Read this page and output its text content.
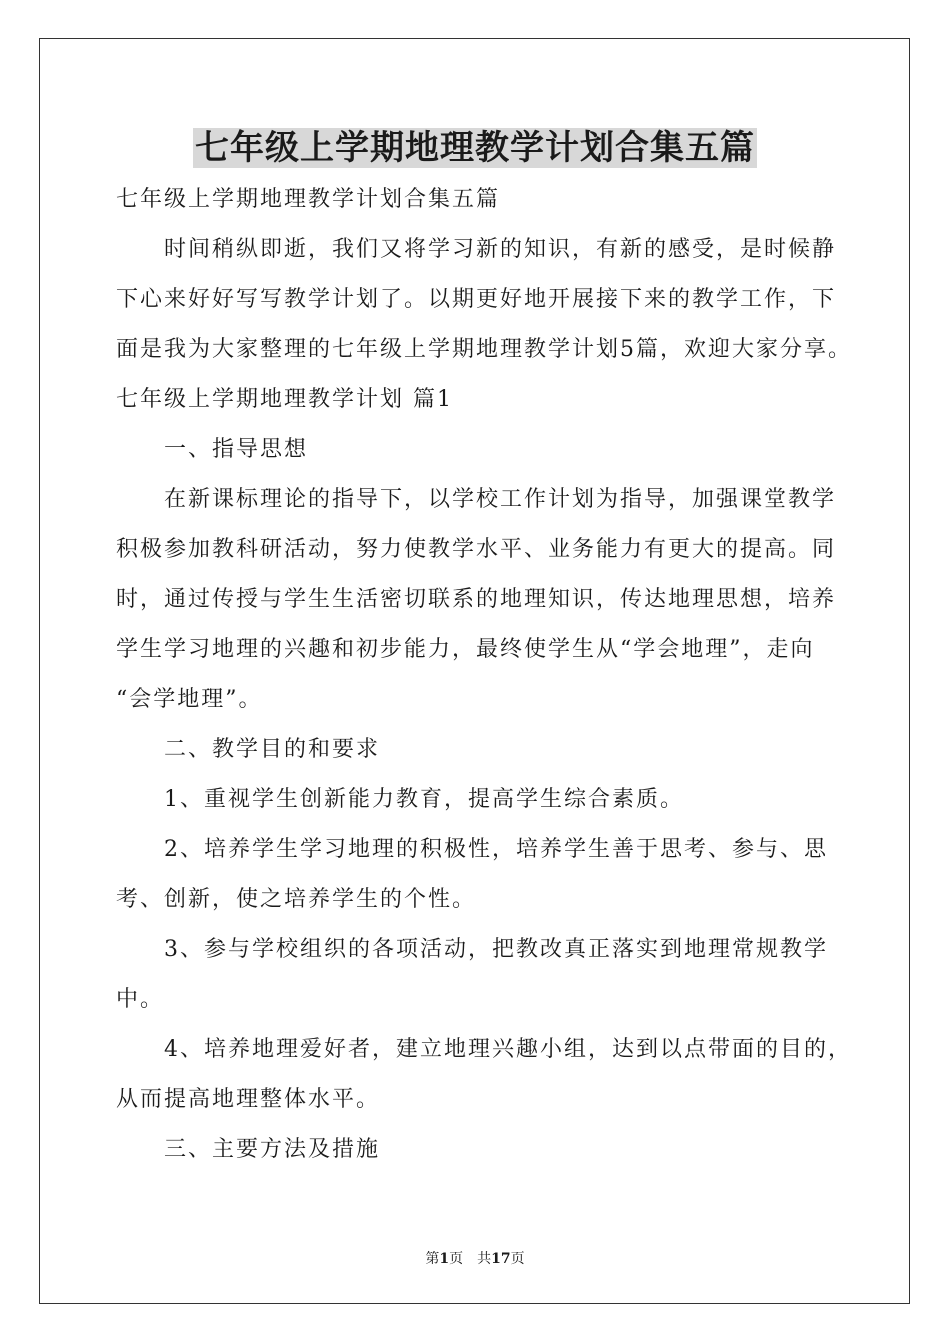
七年级上学期地理教学计划合集五篇
七年级上学期地理教学计划合集五篇
时间稍纵即逝，我们又将学习新的知识，有新的感受，是时候静
下心来好好写写教学计划了。以期更好地开展接下来的教学工作，下
面是我为大家整理的七年级上学期地理教学计划5篇，欢迎大家分享。
七年级上学期地理教学计划 篇1
一、指导思想
在新课标理论的指导下，以学校工作计划为指导，加强课堂教学
积极参加教科研活动，努力使教学水平、业务能力有更大的提高。同
时，通过传授与学生生活密切联系的地理知识，传达地理思想，培养
学生学习地理的兴趣和初步能力，最终使学生从“学会地理”，走向
“会学地理”。
二、教学目的和要求
1、重视学生创新能力教育，提高学生综合素质。
2、培养学生学习地理的积极性，培养学生善于思考、参与、思
考、创新，使之培养学生的个性。
3、参与学校组织的各项活动，把教改真正落实到地理常规教学
中。
4、培养地理爱好者，建立地理兴趣小组，达到以点带面的目的，
从而提高地理整体水平。
三、主要方法及措施
第1页　共17页
